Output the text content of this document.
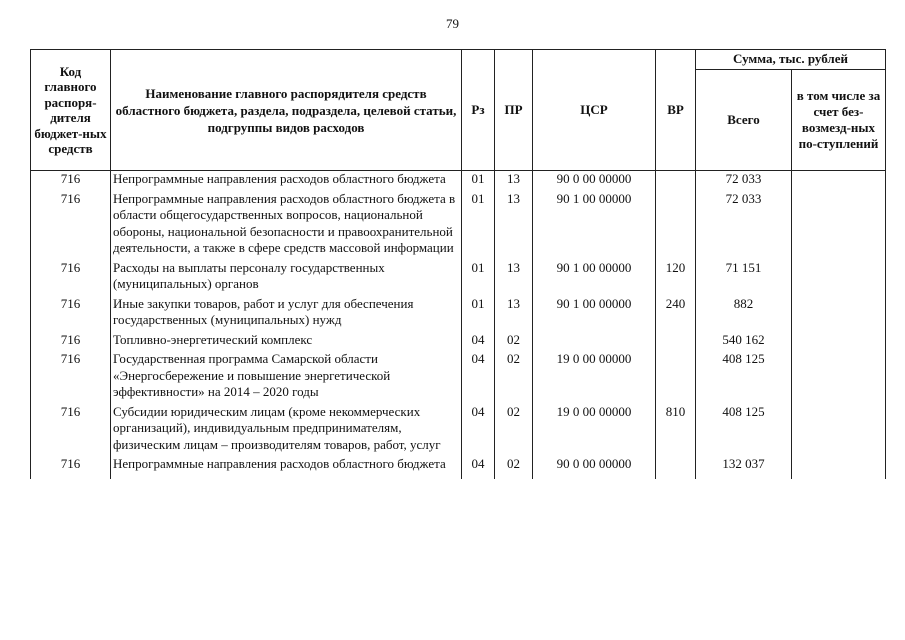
79
Код главного распоря-дителя бюджет-ных средств	Наименование главного распорядителя средств областного бюджета, раздела, подраздела, целевой статьи, подгруппы видов расходов	Рз	ПР	ЦСР	ВР	Сумма, тыс. рублей	
						Всего	в том числе за счет без-возмезд-ных по-ступлений
716	Непрограммные направления расходов областного бюджета	01	13	90 0 00 00000		72 033	
716	Непрограммные направления расходов областного бюджета в области общегосударственных вопросов, национальной обороны, национальной безопасности и правоохранительной деятельности, а также в сфере средств массовой информации	01	13	90 1 00 00000		72 033	
716	Расходы на выплаты персоналу государственных (муниципальных) органов	01	13	90 1 00 00000	120	71 151	
716	Иные закупки товаров, работ и услуг для обеспечения государственных (муниципальных) нужд	01	13	90 1 00 00000	240	882	
716	Топливно-энергетический комплекс	04	02			540 162	
716	Государственная программа Самарской области «Энергосбережение и повышение энергетической эффективности» на 2014 – 2020 годы	04	02	19 0 00 00000		408 125	
716	Субсидии юридическим лицам (кроме некоммерческих организаций), индивидуальным предпринимателям, физическим лицам – производителям товаров, работ, услуг	04	02	19 0 00 00000	810	408 125	
716	Непрограммные направления расходов областного бюджета	04	02	90 0 00 00000		132 037	
